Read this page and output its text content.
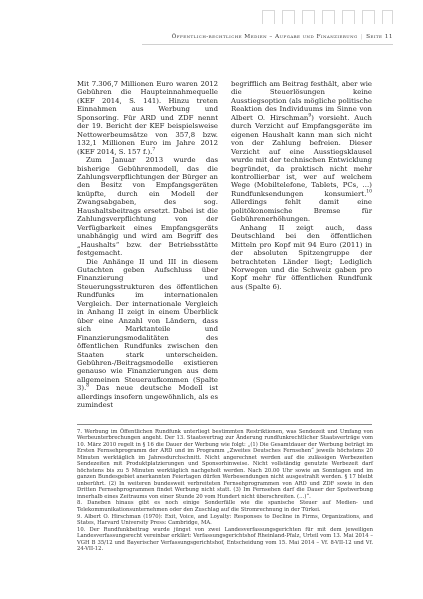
Öffentlich-rechtliche Medien – Aufgabe und Finanzierung | Seite 11

Mit 7.306,7 Millionen Euro waren 2012 Gebühren die Haupteinnahmequelle (KEF 2014, S. 141). Hinzu treten Einnahmen aus Werbung und Sponsoring. Für ARD und ZDF nennt der 19. Bericht der KEF beispielsweise Nettowerbeumsätze von 357,8 bzw. 132,1 Millionen Euro im Jahre 2012 (KEF 2014, S. 157 f.).$^7$

Zum Januar 2013 wurde das bisherige Gebührenmodell, das die Zahlungsverpflichtungen der Bürger an den Besitz von Empfangsgeräten knüpfte, durch ein Modell der Zwangsabgaben, des sog. Haushaltsbeitrags ersetzt. Dabei ist die Zahlungsverpflichtung von der Verfügbarkeit eines Empfangsgeräts unabhängig und wird am Begriff des „Haushalts“ bzw. der Betriebsstätte festgemacht.

Die Anhänge II und III in diesem Gutachten geben Aufschluss über Finanzierung und Steuerungsstrukturen des öffentlichen Rundfunks im internationalen Vergleich. Der internationale Vergleich in Anhang II zeigt in einem Überblick über eine Anzahl von Ländern, dass sich Marktanteile und Finanzierungsmodalitäten des öffentlichen Rundfunks zwischen den Staaten stark unterscheiden. Gebühren-/Beitragsmodelle existieren genauso wie Finanzierungen aus dem allgemeinen Steueraufkommen (Spalte 3).$^8$ Das neue deutsche Modell ist allerdings insofern ungewöhnlich, als es zumindest

begrifflich am Beitrag festhält, aber wie die Steuerlösungen keine Ausstiegsoption (als mögliche politische Reaktion des Individuums im Sinne von Albert O. Hirschman$^9$) vorsieht. Auch durch Verzicht auf Empfangsgeräte im eigenen Haushalt kann man sich nicht von der Zahlung befreien. Dieser Verzicht auf eine Ausstiegsklausel wurde mit der technischen Entwicklung begründet, da praktisch nicht mehr kontrollierbar ist, wer auf welchem Wege (Mobiltelefone, Tablets, PCs, …) Rundfunksendungen konsumiert.$^{10}$ Allerdings fehlt damit eine politökonomische Bremse für Gebührenerhöhungen.

Anhang II zeigt auch, dass Deutschland bei den öffentlichen Mitteln pro Kopf mit 94 Euro (2011) in der absoluten Spitzengruppe der betrachteten Länder liegt; Lediglich Norwegen und die Schweiz gaben pro Kopf mehr für öffentlichen Rundfunk aus (Spalte 6).

7. Werbung im Öffentlichen Rundfunk unterliegt bestimmten Restriktionen, was Sendezeit und Umfang von Werbeunterbrechungen angeht. Der 13. Staatsvertrag zur Änderung rundfunkrechtlicher Staatsverträge vom 10. März 2010 regelt in § 16 die Dauer der Werbung wie folgt: „(1) Die Gesamtdauer der Werbung beträgt im Ersten Fernsehprogramm der ARD und im Programm „Zweites Deutsches Fernsehen“ jeweils höchstens 20 Minuten werktäglich im Jahresdurchschnitt. Nicht angerechnet werden auf die zulässigen Werbezeiten Sendezeiten mit Produktplatzierungen und Sponsorhinweise. Nicht vollständig genutzte Werbezeit darf höchstens bis zu 5 Minuten werktäglich nachgeholt werden. Nach 20.00 Uhr sowie an Sonntagen und im ganzen Bundesgebiet anerkannten Feiertagen dürfen Werbesendungen nicht ausgestrahlt werden. § 17 bleibt unberührt. (2) In weiteren bundesweit verbreiteten Fernsehprogrammen von ARD und ZDF sowie in den Dritten Fernsehprogrammen findet Werbung nicht statt. (3) Im Fernsehen darf die Dauer der Spotwerbung innerhalb eines Zeitraums von einer Stunde 20 vom Hundert nicht überschreiten. (…)“.

8. Daneben hinaus gibt es noch einige Sonderfälle wie die spanische Steuer auf Medien- und Telekommunikationsunternehmen oder den Zuschlag auf die Stromrechnung in der Türkei.

9. Albert O. Hirschman (1970): Exit, Voice, and Loyalty: Responses to Decline in Firms, Organizations, and States, Harvard University Press: Cambridge, MA.

10. Der Rundfunkbeitrag wurde jüngst von zwei Landesverfassungsgerichten für mit dem jeweiligen Landesverfassungsrecht vereinbar erklärt: Verfassungsgerichtshof Rheinland-Pfalz, Urteil vom 13. Mai 2014 – VGH B 35/12 und Bayerischer Verfassungsgerichtshof, Entscheidung vom 15. Mai 2014 – Vf. 8-VII-12 und Vf. 24-VII-12.
